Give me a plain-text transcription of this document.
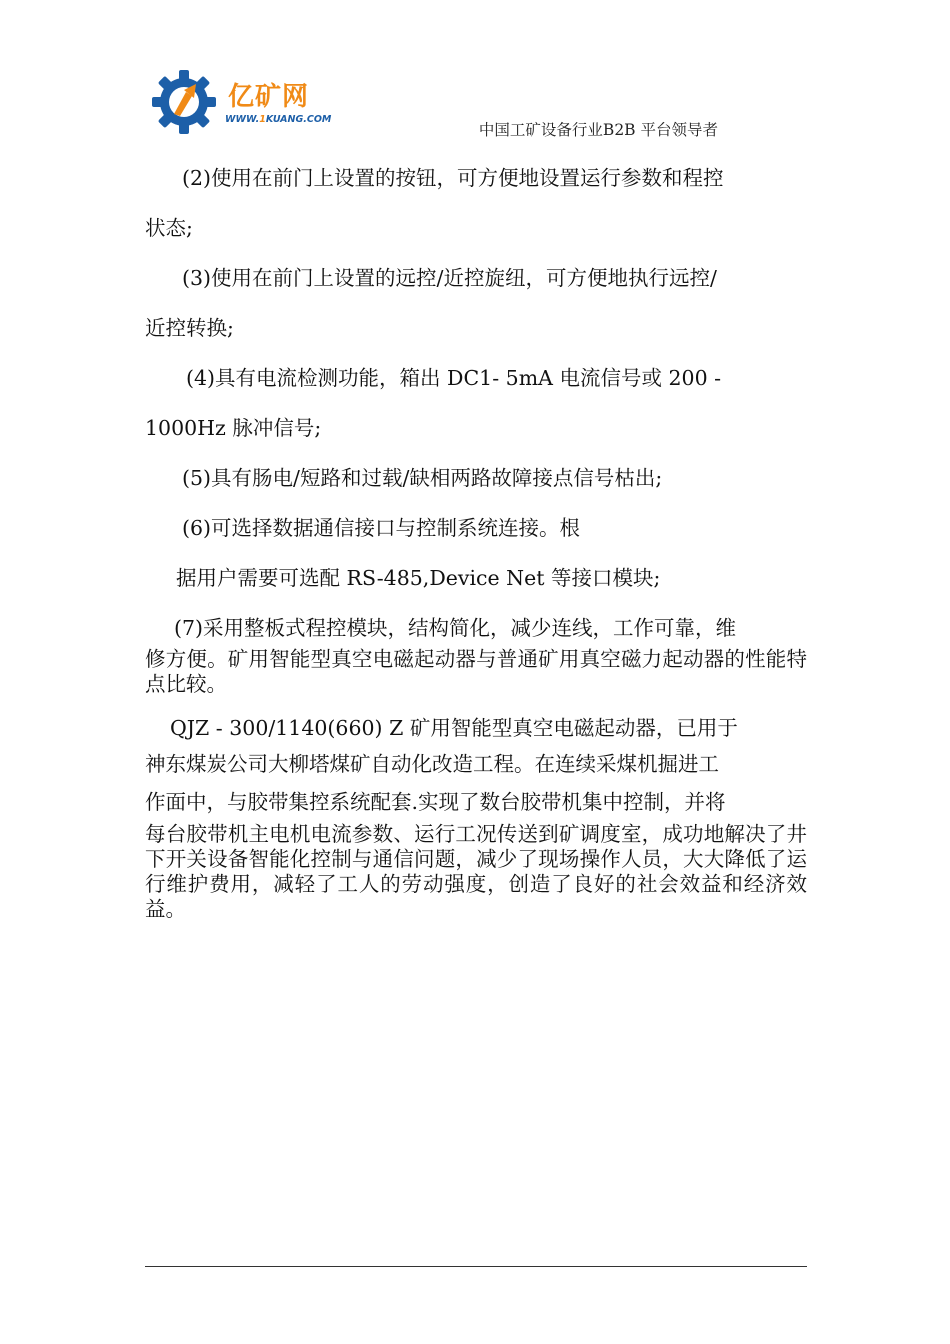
亿矿网
WWW.1KUANG.COM
中国工矿设备行业B2B 平台领导者
(2)使用在前门上设置的按钮，可方便地设置运行参数和程控
状态;
(3)使用在前门上设置的远控/近控旋纽，可方便地执行远控/
近控转换;
(4)具有电流检测功能，箱出 DC1- 5mA 电流信号或 200 -
1000Hz 脉冲信号;
(5)具有肠电/短路和过载/缺相两路故障接点信号枯出;
(6)可选择数据通信接口与控制系统连接。根
据用户需要可选配 RS-485,Device Net 等接口模块;
(7)采用整板式程控模块，结构简化，减少连线，工作可靠，维
修方便。矿用智能型真空电磁起动器与普通矿用真空磁力起动器的性能特点比较。
QJZ - 300/1140(660) Z 矿用智能型真空电磁起动器，已用于
神东煤炭公司大柳塔煤矿自动化改造工程。在连续采煤机掘进工
作面中，与胶带集控系统配套.实现了数台胶带机集中控制，并将
每台胶带机主电机电流参数、运行工况传送到矿调度室，成功地解决了井下开关设备智能化控制与通信问题，减少了现场操作人员，大大降低了运行维护费用，减轻了工人的劳动强度，创造了良好的社会效益和经济效益。
